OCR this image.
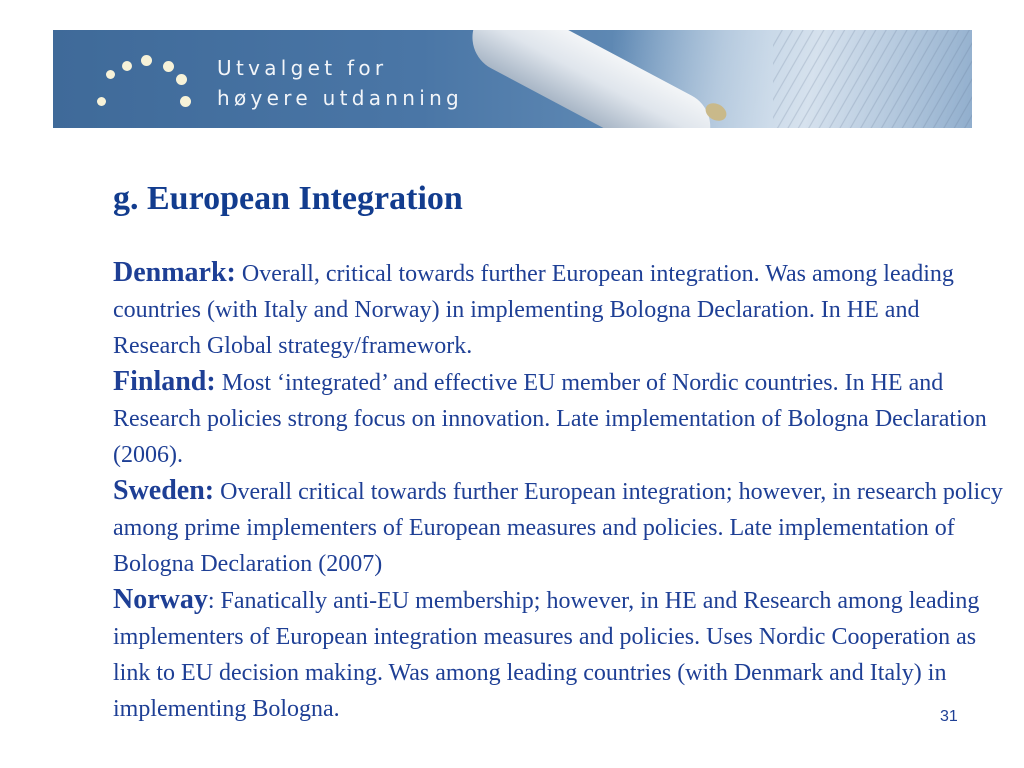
Utvalget for
høyere utdanning
g. European Integration

Denmark: Overall, critical towards further European integration. Was among leading countries (with Italy and Norway) in implementing Bologna Declaration. In HE and Research Global strategy/framework.

Finland: Most ‘integrated’ and effective EU member of Nordic countries. In HE and Research policies strong focus on innovation. Late implementation of Bologna Declaration (2006).

Sweden: Overall critical towards further European integration; however, in research policy among prime implementers of European measures and policies. Late implementation of Bologna Declaration (2007)

Norway: Fanatically anti-EU membership; however, in HE and Research among leading implementers of European integration measures and policies. Uses Nordic Cooperation as link to EU decision making. Was among leading countries (with Denmark and Italy) in implementing Bologna.	31
